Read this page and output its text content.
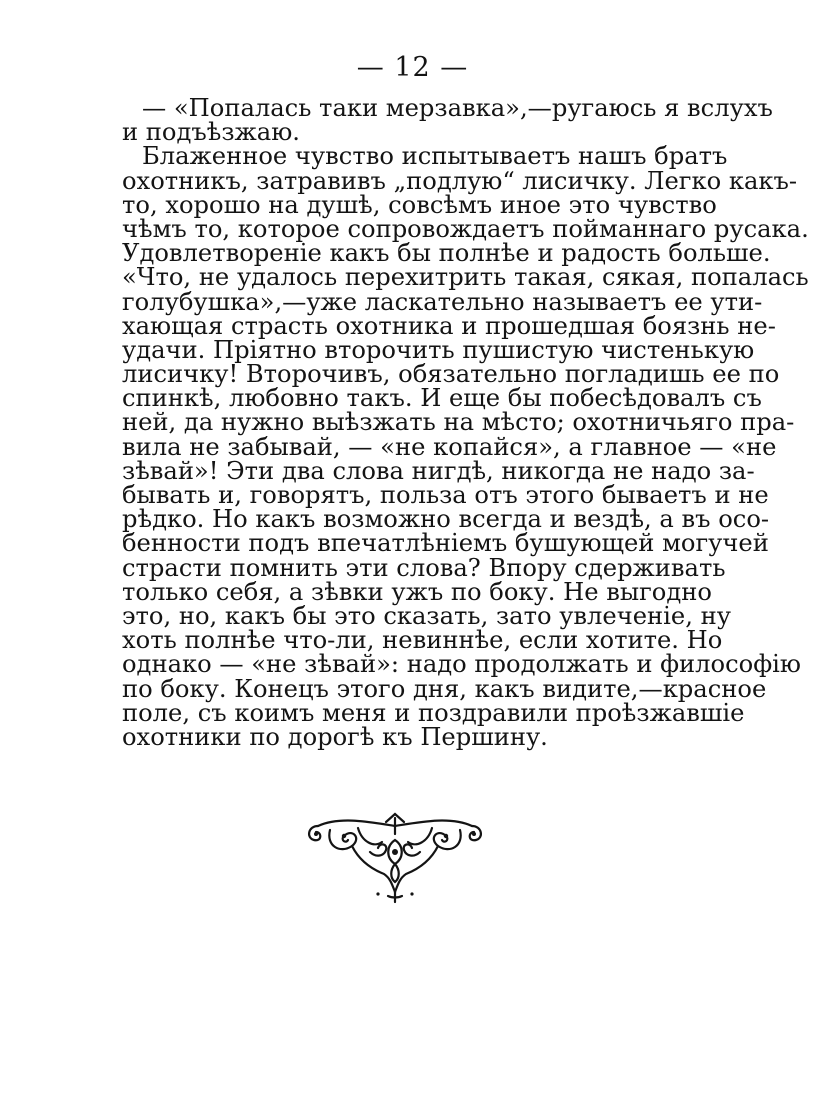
— 12 —
— «Попалась таки мерзавка»,—ругаюсь я вслухъ
и подъѣзжаю.
Блаженное чувство испытываетъ нашъ братъ
охотникъ, затравивъ „подлую“ лисичку. Легко какъ-
то, хорошо на душѣ, совсѣмъ иное это чувство
чѣмъ то, которое сопровождаетъ пойманнаго русака.
Удовлетвореніе какъ бы полнѣе и радость больше.
«Что, не удалось перехитрить такая, сякая, попалась
голубушка»,—уже ласкательно называетъ ее ути-
хающая страсть охотника и прошедшая боязнь не-
удачи. Пріятно второчить пушистую чистенькую
лисичку! Второчивъ, обязательно погладишь ее по
спинкѣ, любовно такъ. И еще бы побесѣдовалъ съ
ней, да нужно выѣзжать на мѣсто; охотничьяго пра-
вила не забывай, — «не копайся», а главное — «не
зѣвай»! Эти два слова нигдѣ, никогда не надо за-
бывать и, говорятъ, польза отъ этого бываетъ и не
рѣдко. Но какъ возможно всегда и вездѣ, а въ осо-
бенности подъ впечатлѣніемъ бушующей могучей
страсти помнить эти слова? Впору сдерживать
только себя, а зѣвки ужъ по боку. Не выгодно
это, но, какъ бы это сказать, зато увлеченіе, ну
хоть полнѣе что-ли, невиннѣе, если хотите. Но
однако — «не зѣвай»: надо продолжать и философію
по боку. Конецъ этого дня, какъ видите,—красное
поле, съ коимъ меня и поздравили проѣзжавшіе
охотники по дорогѣ къ Першину.
